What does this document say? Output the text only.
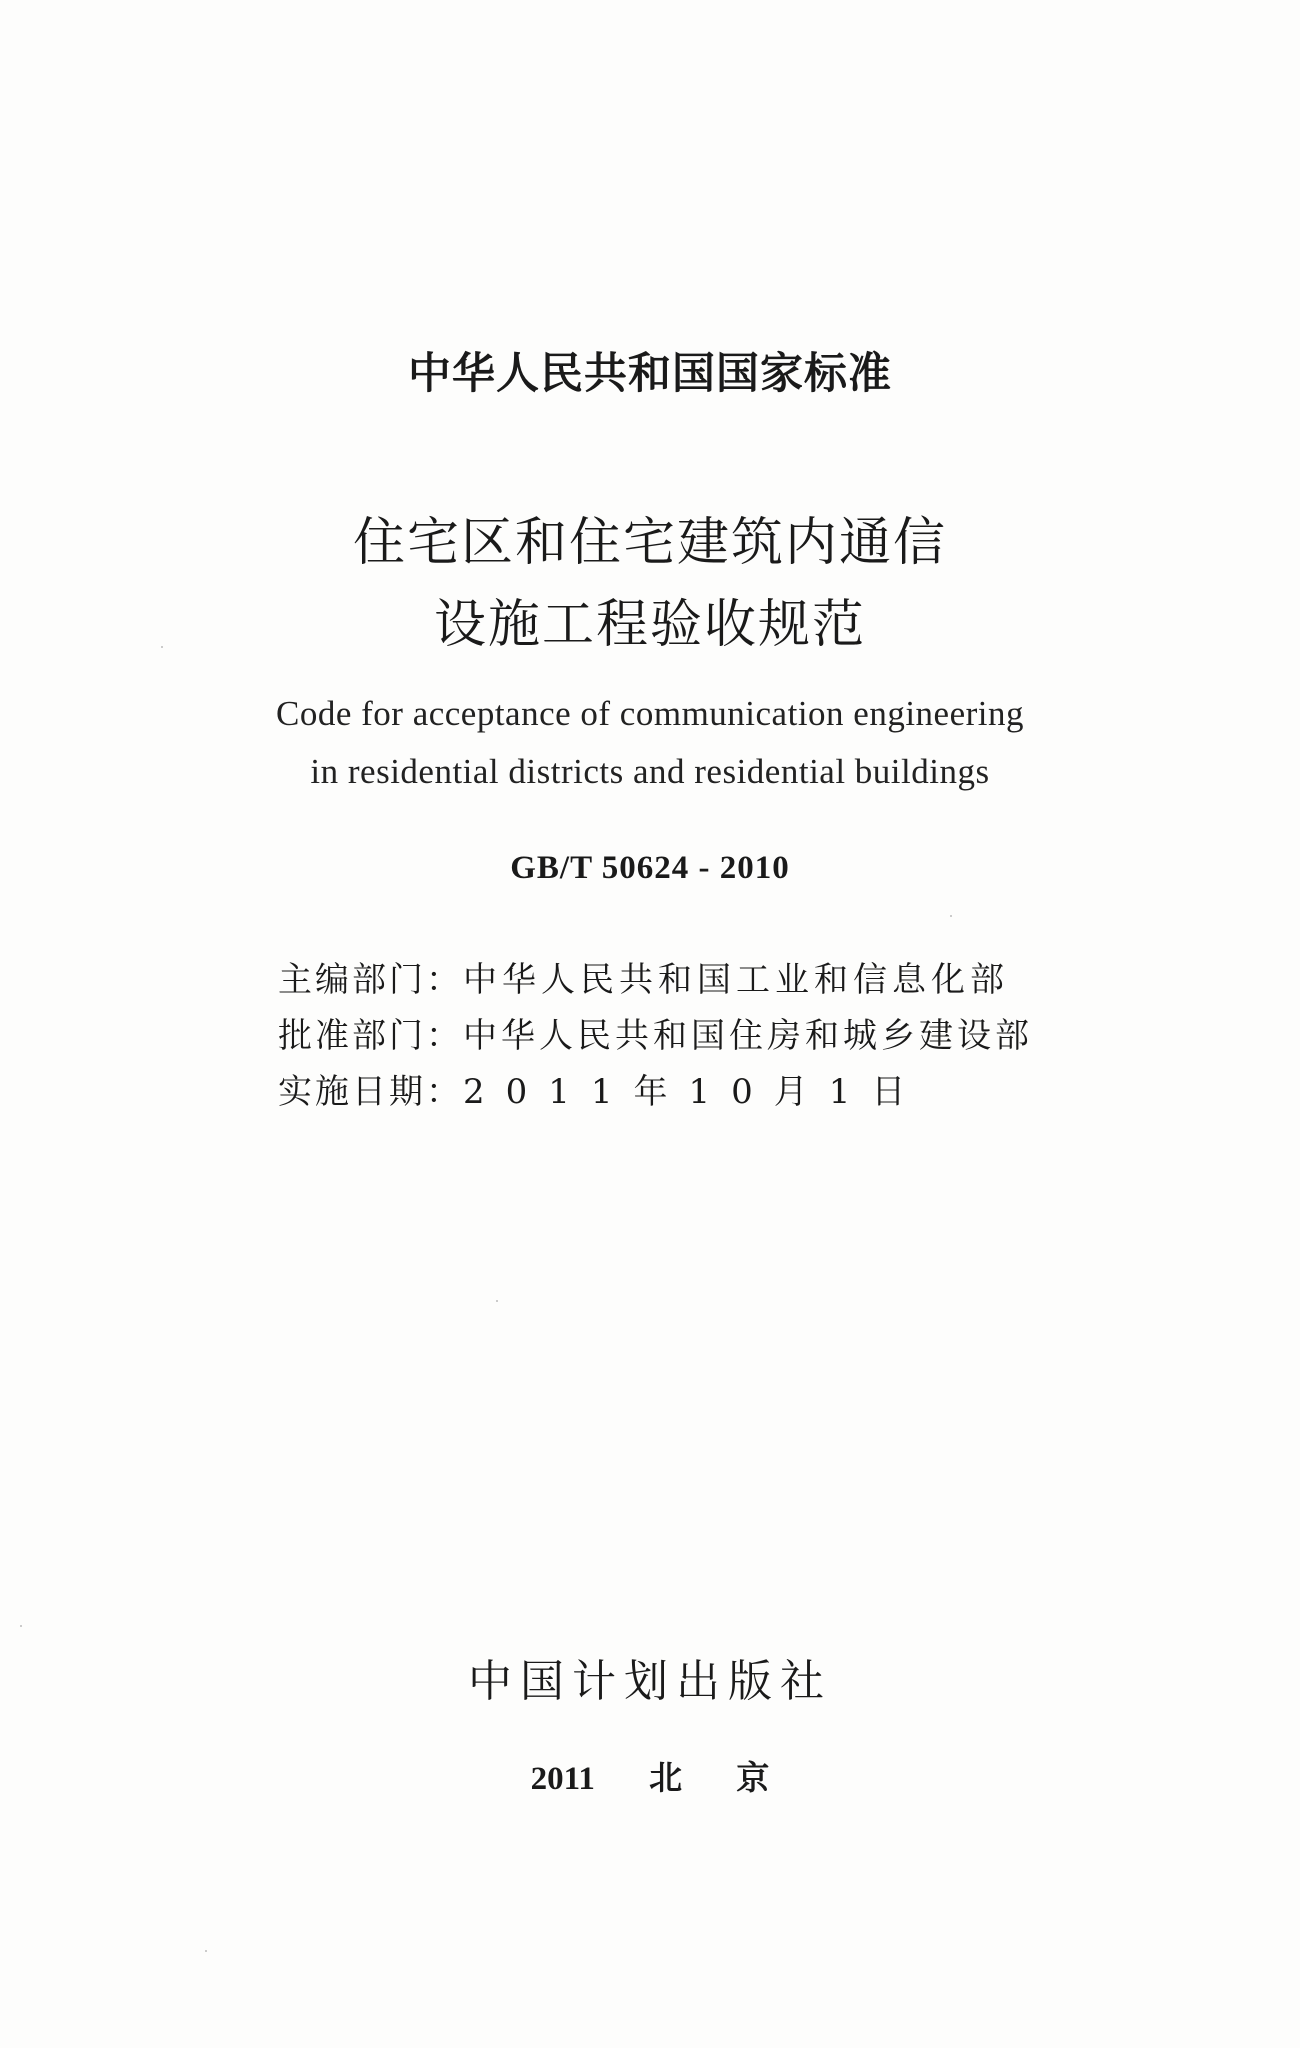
中华人民共和国国家标准
住宅区和住宅建筑内通信
设施工程验收规范
Code for acceptance of communication engineering
in residential districts and residential buildings
GB/T 50624 - 2010
主编部门：中华人民共和国工业和信息化部
批准部门：中华人民共和国住房和城乡建设部
实施日期：2011年10月1日
中国计划出版社
2011 北 京
